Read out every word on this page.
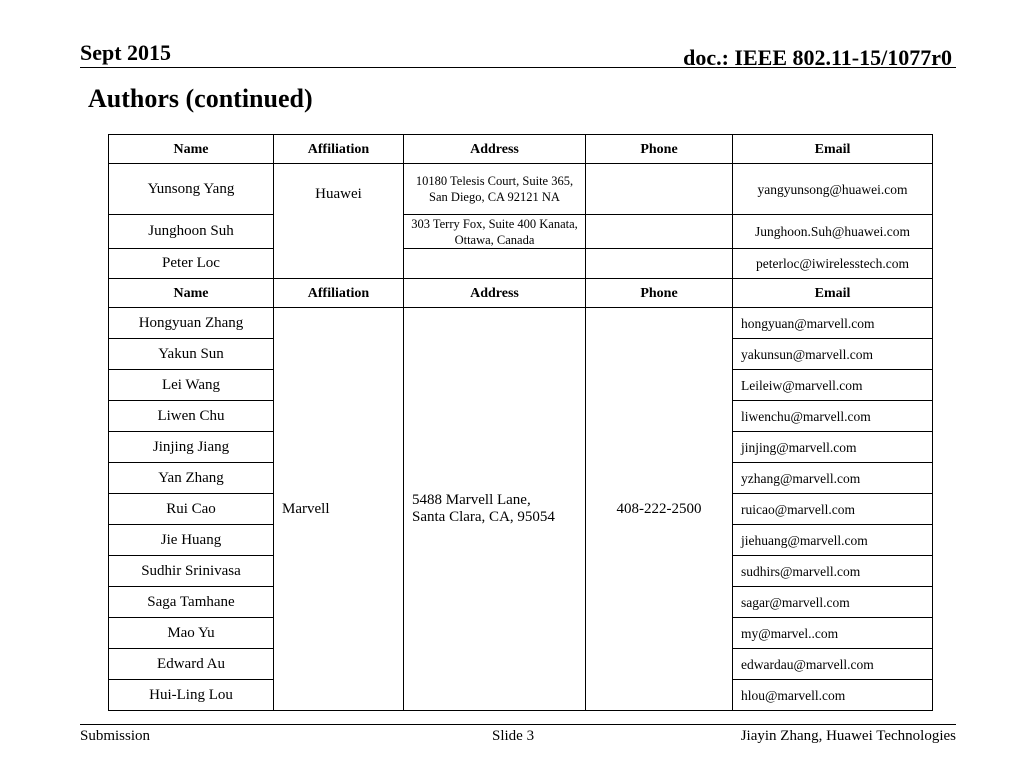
Sept 2015	doc.: IEEE 802.11-15/1077r0
Authors (continued)
Name	Affiliation	Address	Phone	Email
Yunsong Yang	Huawei	10180 Telesis Court, Suite 365, San Diego, CA 92121 NA		yangyunsong@huawei.com
Junghoon Suh		303 Terry Fox, Suite 400 Kanata, Ottawa, Canada		Junghoon.Suh@huawei.com
Peter Loc				peterloc@iwirelesstech.com
Name	Affiliation	Address	Phone	Email
Hongyuan Zhang	Marvell	5488 Marvell Lane, Santa Clara, CA, 95054	408-222-2500	hongyuan@marvell.com
Yakun Sun				yakunsun@marvell.com
Lei Wang				Leileiw@marvell.com
Liwen Chu				liwenchu@marvell.com
Jinjing Jiang				jinjing@marvell.com
Yan Zhang				yzhang@marvell.com
Rui Cao				ruicao@marvell.com
Jie Huang				jiehuang@marvell.com
Sudhir Srinivasa				sudhirs@marvell.com
Saga Tamhane				sagar@marvell.com
Mao Yu				my@marvel..com
Edward Au				edwardau@marvell.com
Hui-Ling Lou				hlou@marvell.com
Submission	Slide 3	Jiayin Zhang, Huawei Technologies
